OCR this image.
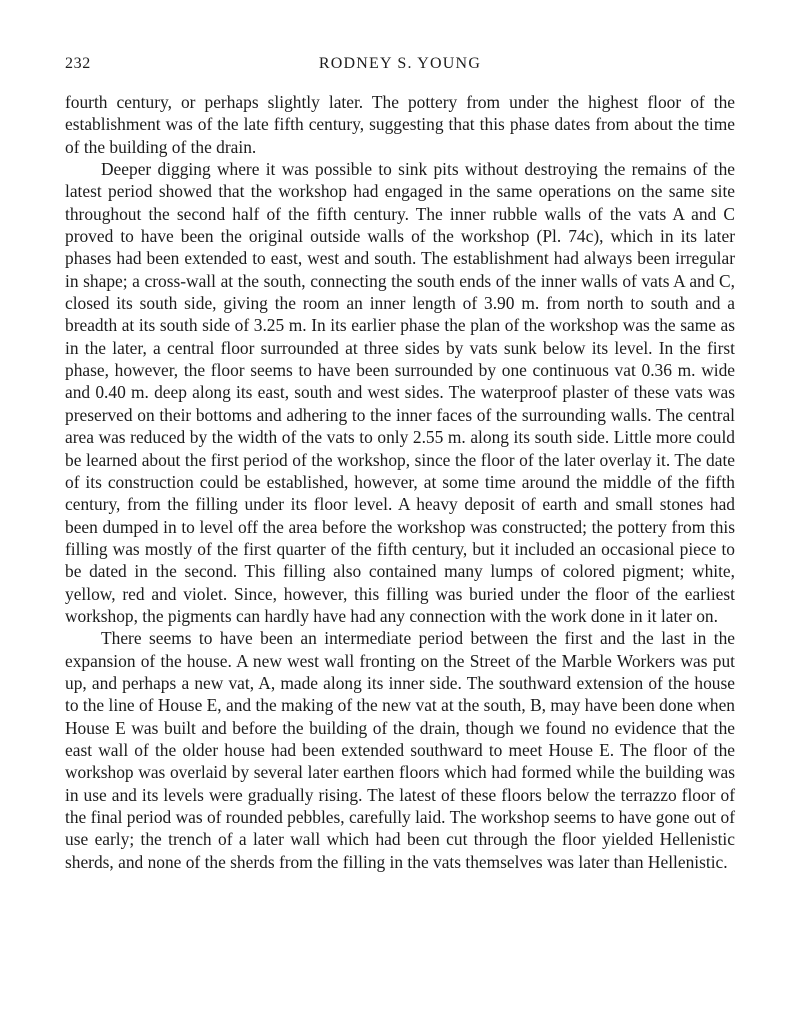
232	RODNEY S. YOUNG

fourth century, or perhaps slightly later. The pottery from under the highest floor of the establishment was of the late fifth century, suggesting that this phase dates from about the time of the building of the drain.

Deeper digging where it was possible to sink pits without destroying the remains of the latest period showed that the workshop had engaged in the same operations on the same site throughout the second half of the fifth century. The inner rubble walls of the vats A and C proved to have been the original outside walls of the workshop (Pl. 74c), which in its later phases had been extended to east, west and south. The establishment had always been irregular in shape; a cross-wall at the south, connecting the south ends of the inner walls of vats A and C, closed its south side, giving the room an inner length of 3.90 m. from north to south and a breadth at its south side of 3.25 m. In its earlier phase the plan of the workshop was the same as in the later, a central floor surrounded at three sides by vats sunk below its level. In the first phase, however, the floor seems to have been surrounded by one continuous vat 0.36 m. wide and 0.40 m. deep along its east, south and west sides. The waterproof plaster of these vats was preserved on their bottoms and adhering to the inner faces of the surrounding walls. The central area was reduced by the width of the vats to only 2.55 m. along its south side. Little more could be learned about the first period of the workshop, since the floor of the later overlay it. The date of its construction could be established, however, at some time around the middle of the fifth century, from the filling under its floor level. A heavy deposit of earth and small stones had been dumped in to level off the area before the workshop was constructed; the pottery from this filling was mostly of the first quarter of the fifth century, but it included an occasional piece to be dated in the second. This filling also contained many lumps of colored pigment; white, yellow, red and violet. Since, however, this filling was buried under the floor of the earliest workshop, the pigments can hardly have had any connection with the work done in it later on.

There seems to have been an intermediate period between the first and the last in the expansion of the house. A new west wall fronting on the Street of the Marble Workers was put up, and perhaps a new vat, A, made along its inner side. The southward extension of the house to the line of House E, and the making of the new vat at the south, B, may have been done when House E was built and before the building of the drain, though we found no evidence that the east wall of the older house had been extended southward to meet House E. The floor of the workshop was overlaid by several later earthen floors which had formed while the building was in use and its levels were gradually rising. The latest of these floors below the terrazzo floor of the final period was of rounded pebbles, carefully laid. The workshop seems to have gone out of use early; the trench of a later wall which had been cut through the floor yielded Hellenistic sherds, and none of the sherds from the filling in the vats themselves was later than Hellenistic.
